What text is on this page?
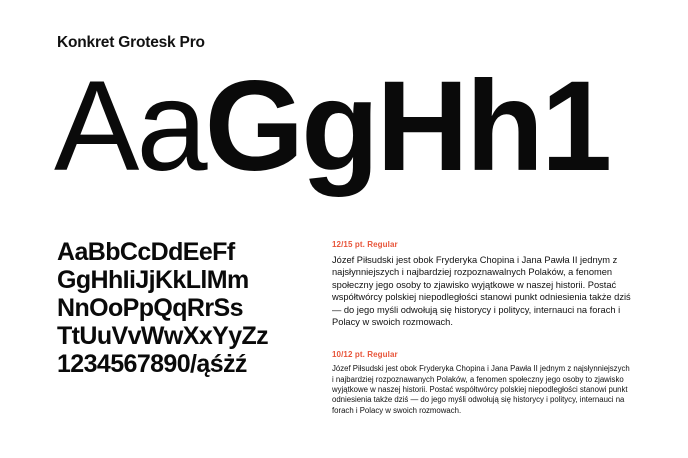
Konkret Grotesk Pro
AaGgHh1
AaBbCcDdEeFf
GgHhIiJjKkLlMm
NnOoPpQqRrSs
TtUuVvWwXxYyZz
1234567890/ąśżź
12/15 pt. Regular
Józef Piłsudski jest obok Fryderyka Chopina i Jana Pawła II jednym z najsłynniejszych i najbardziej rozpoznawalnych Polaków, a fenomen społeczny jego osoby to zjawisko wyjątkowe w naszej historii. Postać współtwórcy polskiej niepodległości stanowi punkt odniesienia także dziś — do jego myśli odwołują się historycy i politycy, internauci na forach i Polacy w swoich rozmowach.
10/12 pt. Regular
Józef Piłsudski jest obok Fryderyka Chopina i Jana Pawła II jednym z najsłynniejszych i najbardziej rozpoznawanych Polaków, a fenomen społeczny jego osoby to zjawisko wyjątkowe w naszej historii. Postać współtwórcy polskiej niepodległości stanowi punkt odniesienia także dziś — do jego myśli odwołują się historycy i politycy, internauci na forach i Polacy w swoich rozmowach.
